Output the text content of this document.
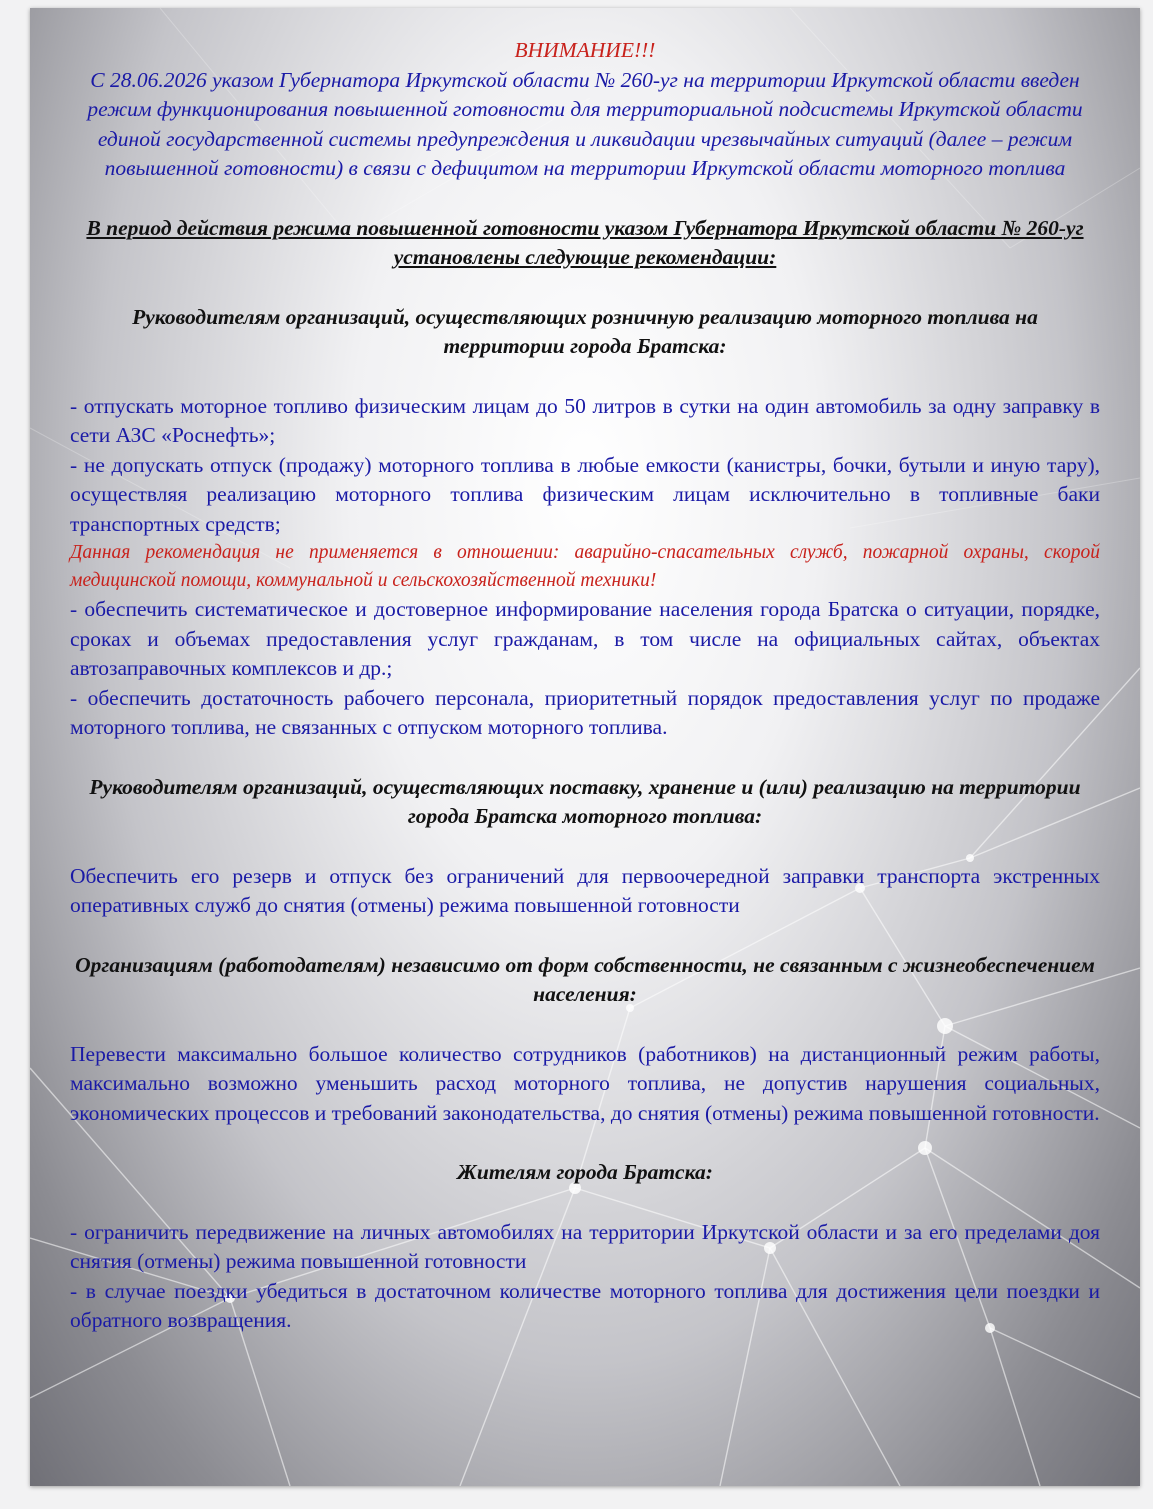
ВНИМАНИЕ!!!

С 28.06.2026 указом Губернатора Иркутской области № 260-уг на территории Иркутской области введен режим функционирования повышенной готовности для территориальной подсистемы Иркутской области единой государственной системы предупреждения и ликвидации чрезвычайных ситуаций (далее – режим повышенной готовности) в связи с дефицитом на территории Иркутской области моторного топлива

В период действия режима повышенной готовности указом Губернатора Иркутской области № 260-уг установлены следующие рекомендации:

Руководителям организаций, осуществляющих розничную реализацию моторного топлива на территории города Братска:

- отпускать моторное топливо физическим лицам до 50 литров в сутки на один автомобиль за одну заправку в сети АЗС «Роснефть»;

- не допускать отпуск (продажу) моторного топлива в любые емкости (канистры, бочки, бутыли и иную тару), осуществляя реализацию моторного топлива физическим лицам исключительно в топливные баки транспортных средств;

Данная рекомендация не применяется в отношении: аварийно-спасательных служб, пожарной охраны, скорой медицинской помощи, коммунальной и сельскохозяйственной техники!

- обеспечить систематическое и достоверное информирование населения города Братска о ситуации, порядке, сроках и объемах предоставления услуг гражданам, в том числе на официальных сайтах, объектах автозаправочных комплексов и др.;

- обеспечить достаточность рабочего персонала, приоритетный порядок предоставления услуг по продаже моторного топлива, не связанных с отпуском моторного топлива.

Руководителям организаций, осуществляющих поставку, хранение и (или) реализацию на территории города Братска моторного топлива:

Обеспечить его резерв и отпуск без ограничений для первоочередной заправки транспорта экстренных оперативных служб до снятия (отмены) режима повышенной готовности

Организациям (работодателям) независимо от форм собственности, не связанным с жизнеобеспечением населения:

Перевести максимально большое количество сотрудников (работников) на дистанционный режим работы, максимально возможно уменьшить расход моторного топлива, не допустив нарушения социальных, экономических процессов и требований законодательства, до снятия (отмены) режима повышенной готовности.

Жителям города Братска:

- ограничить передвижение на личных автомобилях на территории Иркутской области и за его пределами доя снятия (отмены) режима повышенной готовности

- в случае поездки убедиться в достаточном количестве моторного топлива для достижения цели поездки и обратного возвращения.
